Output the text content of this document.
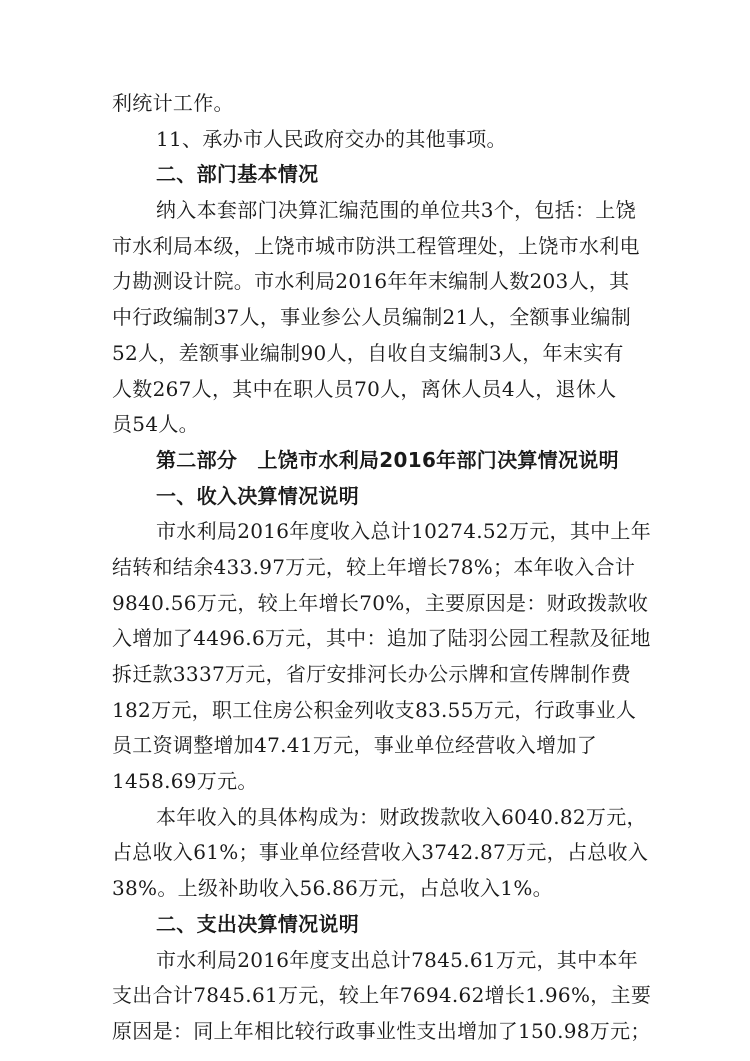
利统计工作。
11、承办市人民政府交办的其他事项。
二、部门基本情况
纳入本套部门决算汇编范围的单位共3个，包括：上饶
市水利局本级，上饶市城市防洪工程管理处，上饶市水利电
力勘测设计院。市水利局2016年年末编制人数203人，其
中行政编制37人，事业参公人员编制21人，全额事业编制
52人，差额事业编制90人，自收自支编制3人，年末实有
人数267人，其中在职人员70人，离休人员4人，退休人
员54人。
第二部分　上饶市水利局2016年部门决算情况说明
一、收入决算情况说明
市水利局2016年度收入总计10274.52万元，其中上年
结转和结余433.97万元，较上年增长78%；本年收入合计
9840.56万元，较上年增长70%，主要原因是：财政拨款收
入增加了4496.6万元，其中：追加了陆羽公园工程款及征地
拆迁款3337万元，省厅安排河长办公示牌和宣传牌制作费
182万元，职工住房公积金列收支83.55万元，行政事业人
员工资调整增加47.41万元，事业单位经营收入增加了
1458.69万元。
本年收入的具体构成为：财政拨款收入6040.82万元，
占总收入61%；事业单位经营收入3742.87万元，占总收入
38%。上级补助收入56.86万元，占总收入1%。
二、支出决算情况说明
市水利局2016年度支出总计7845.61万元，其中本年
支出合计7845.61万元，较上年7694.62增长1.96%，主要
原因是：同上年相比较行政事业性支出增加了150.98万元；
